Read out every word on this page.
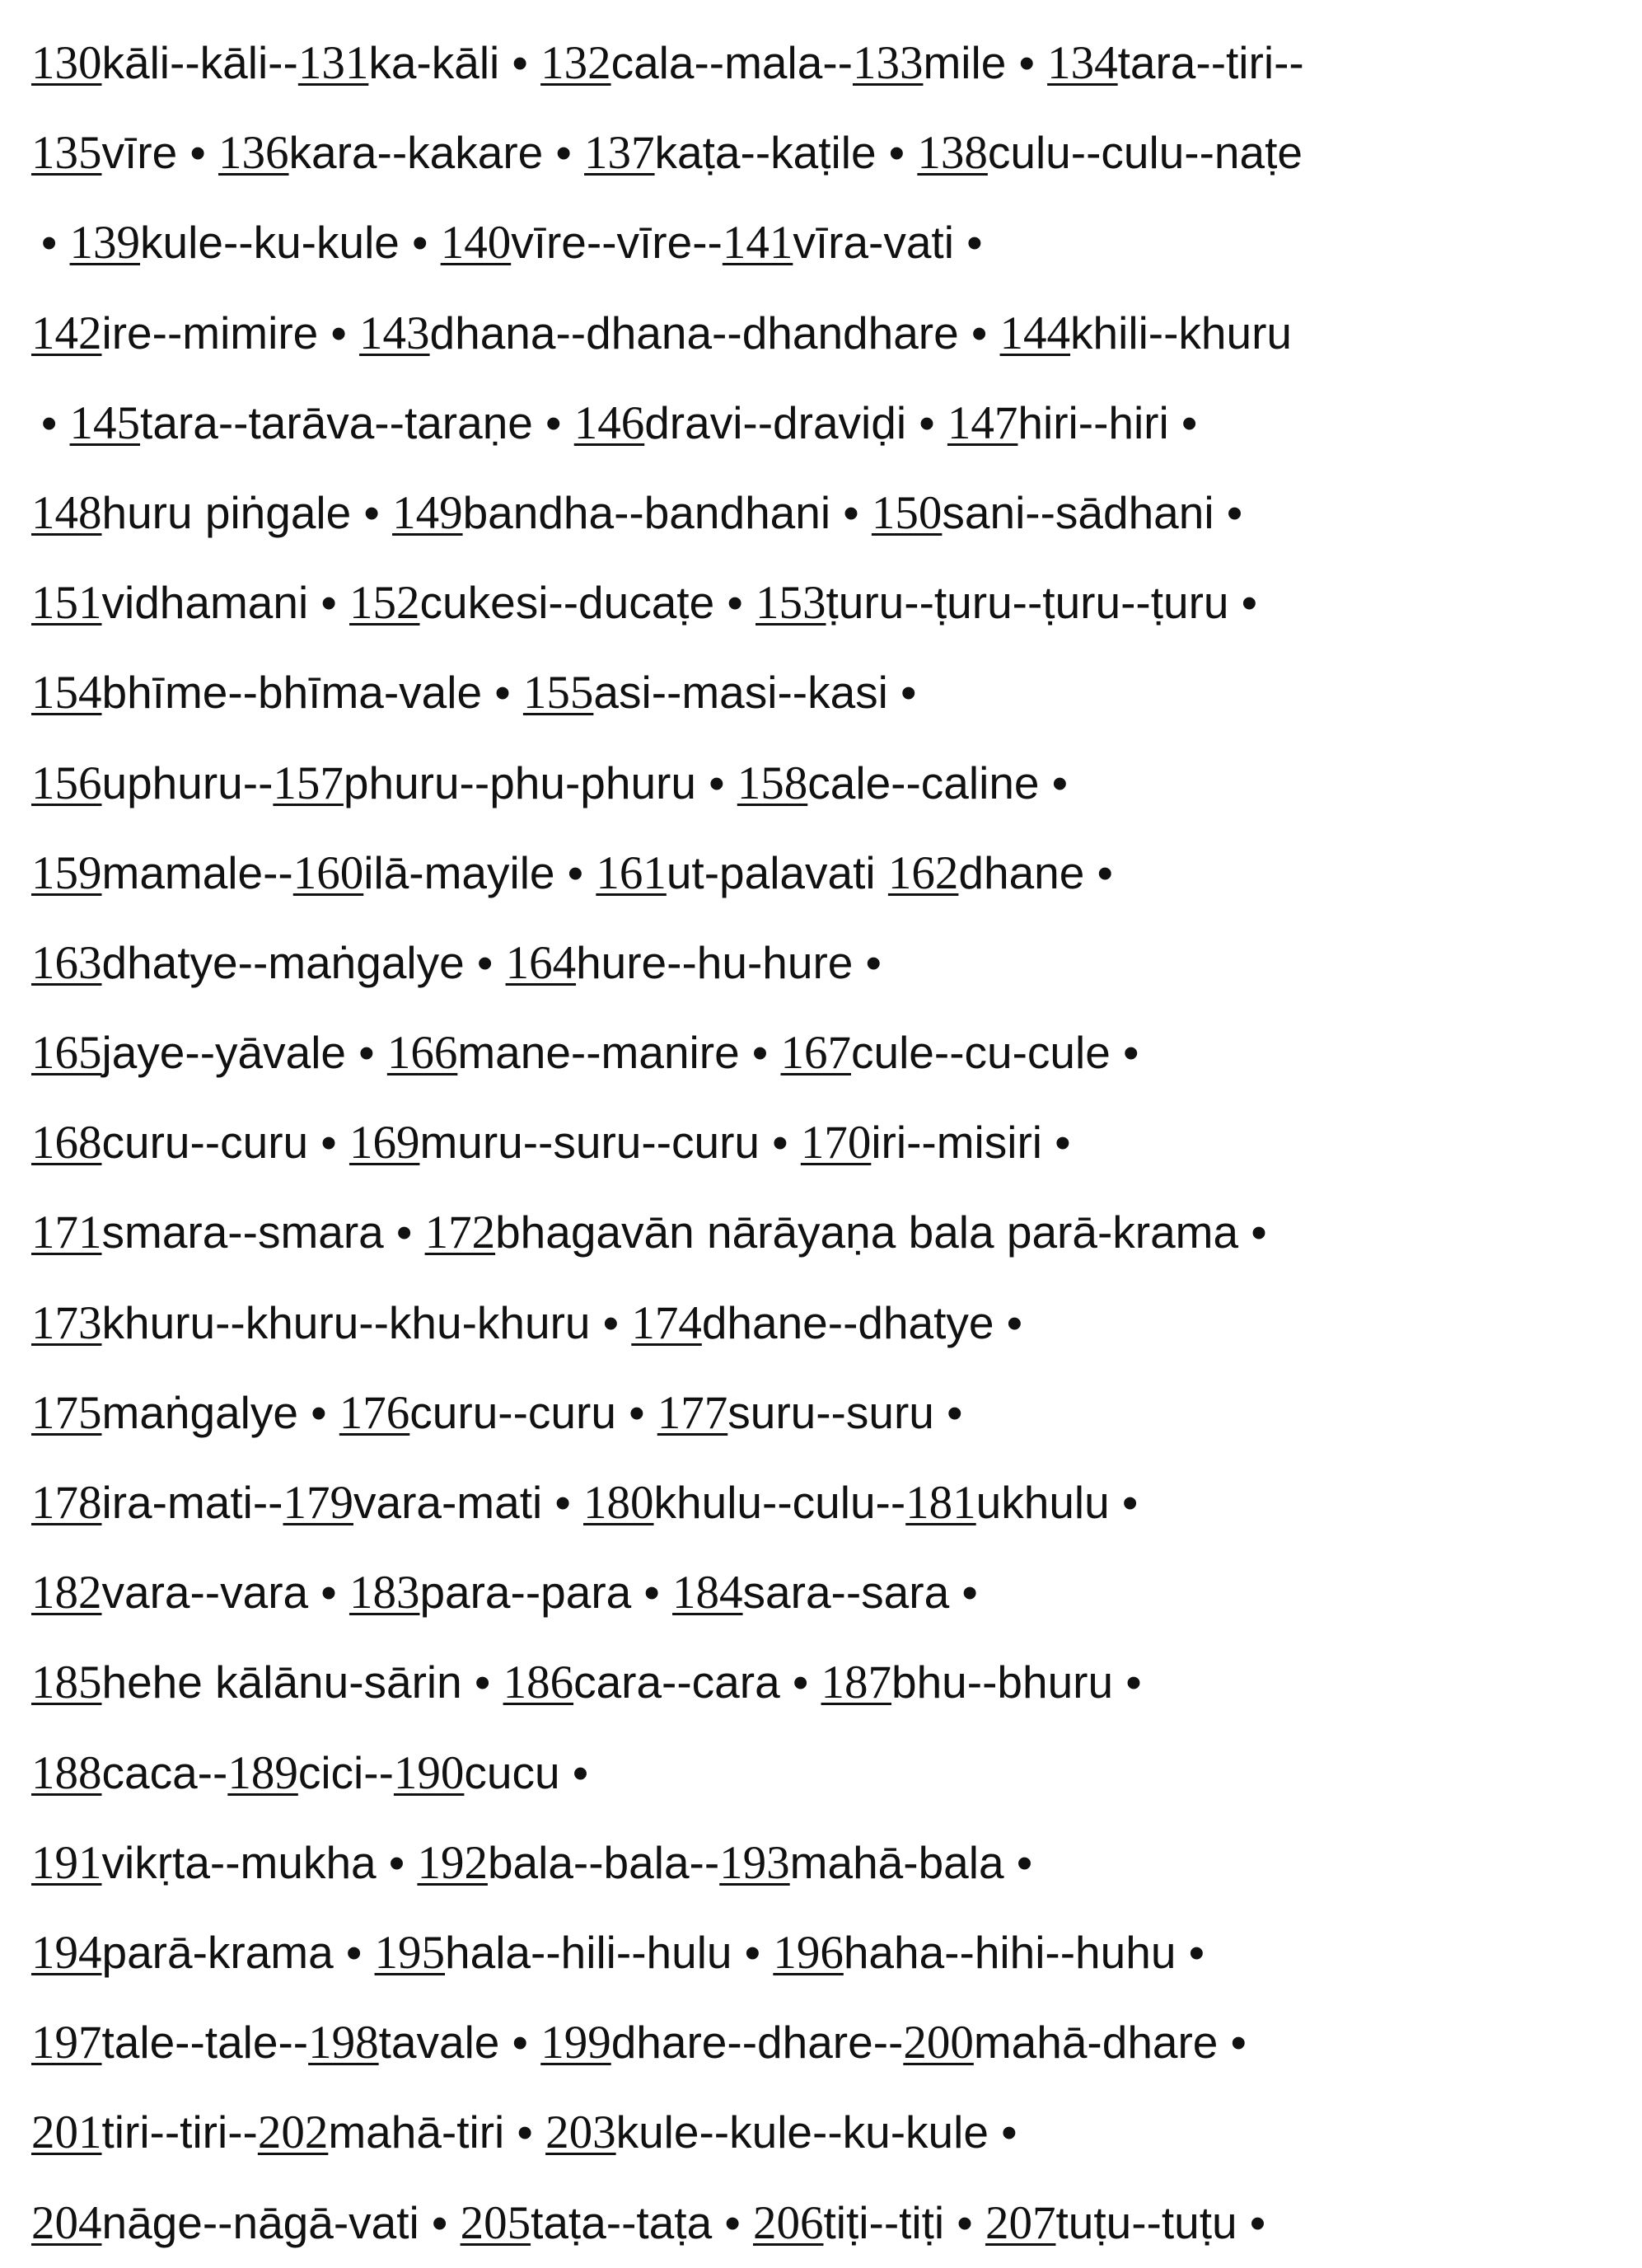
130kāli--kāli--131ka-kāli • 132cala--mala--133mile • 134tara--tiri--
135vīre • 136kara--kakare • 137kaṭa--kaṭile • 138culu--culu--naṭe
• 139kule--ku-kule • 140vīre--vīre--141vīra-vati •
142ire--mimire • 143dhana--dhana--dhandhare • 144khili--khuru
• 145tara--tarāva--taraṇe • 146dravi--draviḍi • 147hiri--hiri •
148huru piṅgale • 149bandha--bandhani • 150sani--sādhani •
151vidhamani • 152cukesi--ducaṭe • 153ṭuru--ṭuru--ṭuru--ṭuru •
154bhīme--bhīma-vale • 155asi--masi--kasi •
156uphuru--157phuru--phu-phuru • 158cale--caline •
159mamale--160ilā-mayile • 161ut-palavati 162dhane •
163dhatye--maṅgalye • 164hure--hu-hure •
165jaye--yāvale • 166mane--manire • 167cule--cu-cule •
168curu--curu • 169muru--suru--curu • 170iri--misiri •
171smara--smara • 172bhagavān nārāyaṇa bala parā-krama •
173khuru--khuru--khu-khuru • 174dhane--dhatye •
175maṅgalye • 176curu--curu • 177suru--suru •
178ira-mati--179vara-mati • 180khulu--culu--181ukhulu •
182vara--vara • 183para--para • 184sara--sara •
185hehe kālānu-sārin • 186cara--cara • 187bhu--bhuru •
188caca--189cici--190cucu •
191vikṛta--mukha • 192bala--bala--193mahā-bala •
194parā-krama • 195hala--hili--hulu • 196haha--hihi--huhu •
197tale--tale--198tavale • 199dhare--dhare--200mahā-dhare •
201tiri--tiri--202mahā-tiri • 203kule--kule--ku-kule •
204nāge--nāgā-vati • 205taṭa--taṭa • 206tiṭi--tiṭi • 207tuṭu--tuṭu •
